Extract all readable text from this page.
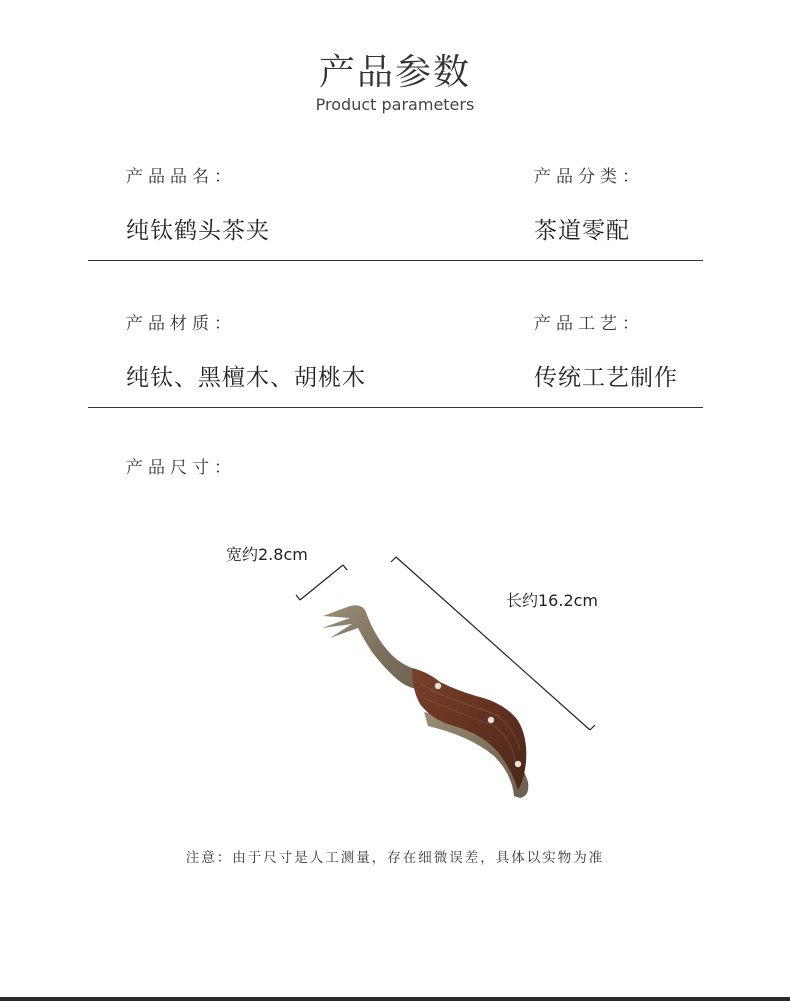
产品参数
Product parameters
产品品名：
纯钛鹤头茶夹
产品分类：
茶道零配
产品材质：
纯钛、黑檀木、胡桃木
产品工艺：
传统工艺制作
产品尺寸：
宽约2.8cm
长约16.2cm
注意：由于尺寸是人工测量，存在细微误差，具体以实物为准
